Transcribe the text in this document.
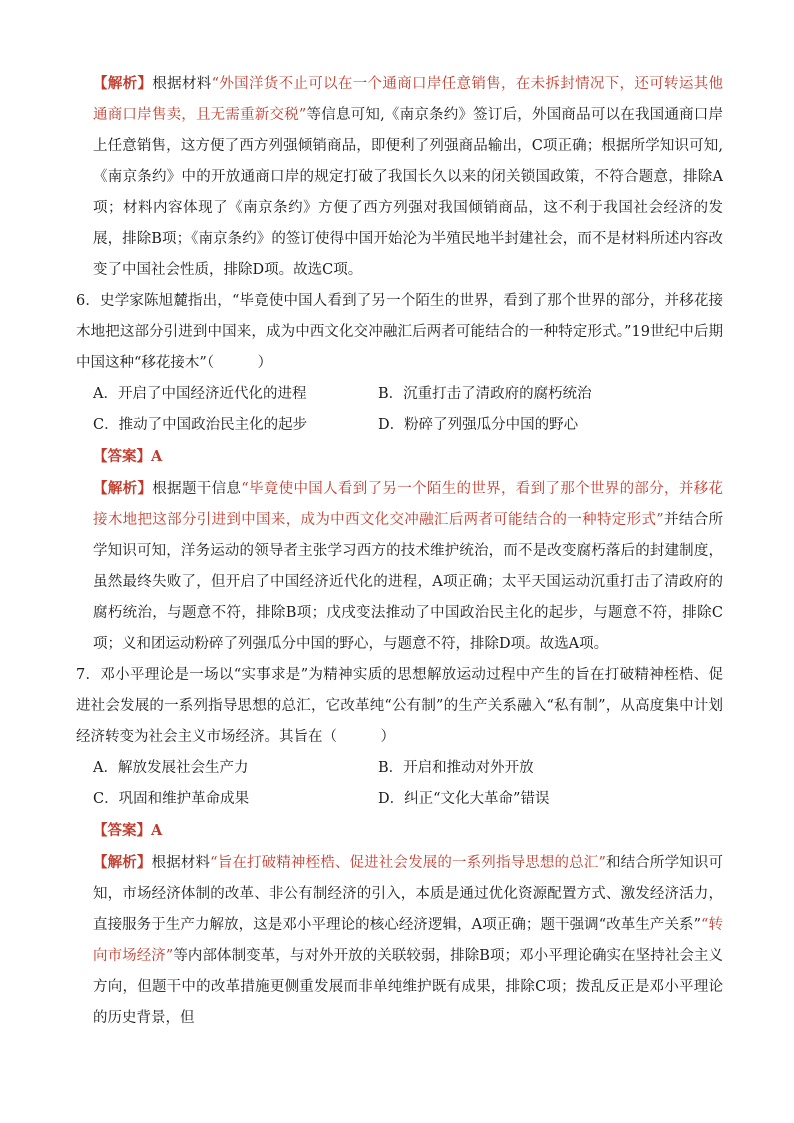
【解析】根据材料“外国洋货不止可以在一个通商口岸任意销售，在未拆封情况下，还可转运其他通商口岸售卖，且无需重新交税”等信息可知,《南京条约》签订后，外国商品可以在我国通商口岸上任意销售，这方便了西方列强倾销商品，即便利了列强商品输出，C项正确；根据所学知识可知,《南京条约》中的开放通商口岸的规定打破了我国长久以来的闭关锁国政策，不符合题意，排除A项；材料内容体现了《南京条约》方便了西方列强对我国倾销商品，这不利于我国社会经济的发展，排除B项；《南京条约》的签订使得中国开始沦为半殖民地半封建社会，而不是材料所述内容改变了中国社会性质，排除D项。故选C项。
6．史学家陈旭麓指出，“毕竟使中国人看到了另一个陌生的世界，看到了那个世界的部分，并移花接木地把这部分引进到中国来，成为中西文化交冲融汇后两者可能结合的一种特定形式。”19世纪中后期中国这种“移花接木”（　　　）
A．开启了中国经济近代化的进程	B．沉重打击了清政府的腐朽统治
C．推动了中国政治民主化的起步	D．粉碎了列强瓜分中国的野心
【答案】A
【解析】根据题干信息“毕竟使中国人看到了另一个陌生的世界，看到了那个世界的部分，并移花接木地把这部分引进到中国来，成为中西文化交冲融汇后两者可能结合的一种特定形式”并结合所学知识可知，洋务运动的领导者主张学习西方的技术维护统治，而不是改变腐朽落后的封建制度，虽然最终失败了，但开启了中国经济近代化的进程，A项正确；太平天国运动沉重打击了清政府的腐朽统治，与题意不符，排除B项；戊戌变法推动了中国政治民主化的起步，与题意不符，排除C项；义和团运动粉碎了列强瓜分中国的野心，与题意不符，排除D项。故选A项。
7．邓小平理论是一场以“实事求是”为精神实质的思想解放运动过程中产生的旨在打破精神桎梏、促进社会发展的一系列指导思想的总汇，它改革纯“公有制”的生产关系融入“私有制”，从高度集中计划经济转变为社会主义市场经济。其旨在（　　　）
A．解放发展社会生产力	B．开启和推动对外开放
C．巩固和维护革命成果	D．纠正“文化大革命”错误
【答案】A
【解析】根据材料“旨在打破精神桎梏、促进社会发展的一系列指导思想的总汇”和结合所学知识可知，市场经济体制的改革、非公有制经济的引入，本质是通过优化资源配置方式、激发经济活力，直接服务于生产力解放，这是邓小平理论的核心经济逻辑，A项正确；题干强调“改革生产关系”“转向市场经济”等内部体制变革，与对外开放的关联较弱，排除B项；邓小平理论确实在坚持社会主义方向，但题干中的改革措施更侧重发展而非单纯维护既有成果，排除C项；拨乱反正是邓小平理论的历史背景，但
